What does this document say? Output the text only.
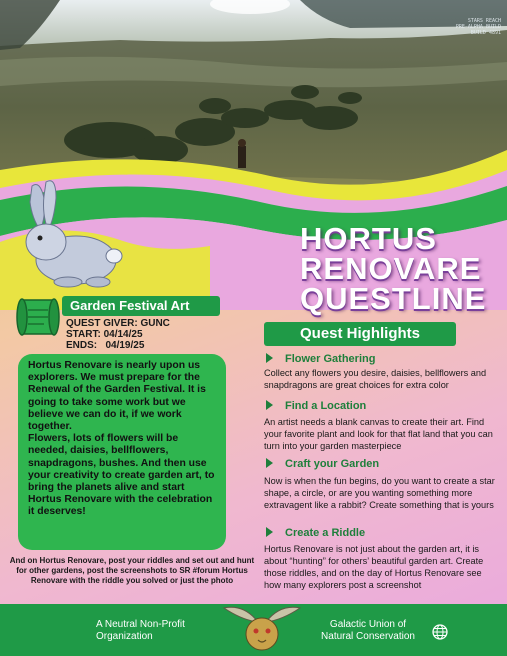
STARS REACH
PRE-ALPHA BUILD
BUILD 4891
HORTUS
RENOVARE
QUESTLINE
Garden Festival Art
QUEST GIVER: GUNC
START: 04/14/25
ENDS:   04/19/25

Hortus Renovare is nearly upon us explorers. We must prepare for the Renewal of the Garden Festival. It is going to take some work but we believe we can do it, if we work together.

Flowers, lots of flowers will be needed, daisies, bellflowers, snapdragons, bushes. And then use your creativity to create garden art, to bring the planets alive and start Hortus Renovare with the celebration it deserves!

And on Hortus Renovare, post your riddles and set out and hunt for other gardens, post the screenshots to SR #forum Hortus Renovare with the riddle you solved or just the photo
Quest Highlights
Flower Gathering
Collect any flowers you desire, daisies, bellflowers and snapdragons are great choices for extra color
Find a Location
An artist needs a blank canvas to create their art. Find your favorite plant and look for that flat land that you can turn into your garden masterpiece
Craft your Garden
Now is when the fun begins, do you want to create a star shape, a circle, or are you wanting something more extravagent like a rabbit? Create something that is yours
Create a Riddle
Hortus Renovare is not just about the garden art, it is about “hunting” for others’ beautiful garden art. Create those riddles, and on the day of Hortus Renovare see how many explorers post a screenshot
A Neutral Non-Profit
Organization
Galactic Union of
Natural Conservation
